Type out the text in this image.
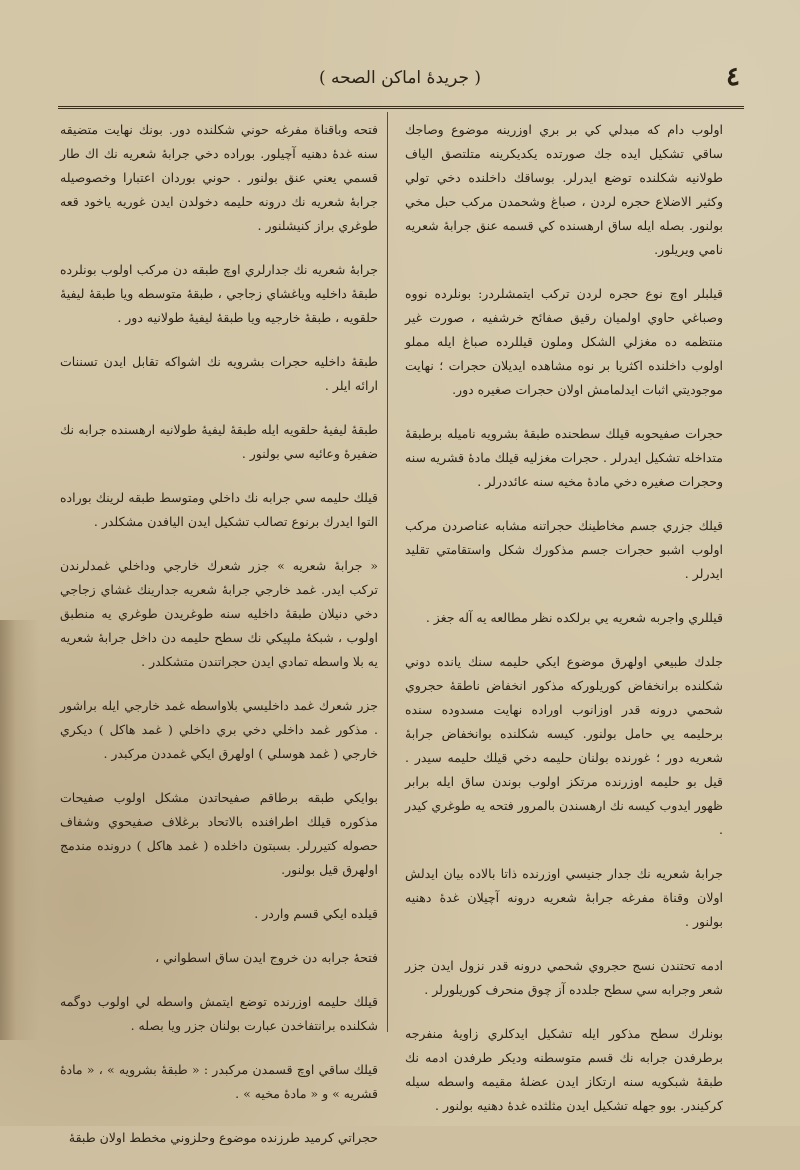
٤
( جريدهٔ اماكن الصحه )

اولوب دام كه مبدلي كي بر بري اوزرينه موضوع وصاجك ساقي تشكيل ايده جك صورتده يكديكرينه متلتصق الياف طولانيه شكلنده توضع ايدرلر. بوساقك داخلنده دخي تولي وكثير الاضلاع حجره لردن ، صباغ وشحمدن مركب حبل مخي بولنور. بصله ايله ساق ارهسنده كي قسمه عنق جرابهٔ شعريه نامي ويريلور.

قيلبلر اوچ نوع حجره لردن تركب ايتمشلردر: بونلرده نووه وصباغي حاوي اولميان رقيق صفائح خرشفيه ، صورت غير منتظمه ده مغزلي الشكل وملون قيللرده صباغ ايله مملو اولوب داخلنده اكثريا بر نوه مشاهده ايديلان حجرات ؛ نهايت موجوديتي اثبات ايدلمامش اولان حجرات صغيره دور.

حجرات صفيحوبه قيلك سطحنده طبقهٔ بشرويه ناميله برطبقهٔ متداخله تشكيل ايدرلر . حجرات مغزليه قيلك مادهٔ قشريه سنه وحجرات صغيره دخي مادهٔ مخيه سنه عائددرلر .

قيلك جزري جسم مخاطينك حجراتنه مشابه عناصردن مركب اولوب اشبو حجرات جسم مذكورك شكل واستقامتي تقليد ايدرلر .

قيللري واجربه شعريه يي برلكده نظر مطالعه يه آله جغز .

جلدك طبيعي اولهرق موضوع ايكي حليمه سنك يانده دوني شكلنده برانخفاض كوريلوركه مذكور انخفاض ناطقهٔ حجروي شحمي درونه قدر اوزانوب اوراده نهايت مسدوده سنده برحليمه يي حامل بولنور. كيسه شكلنده بوانخفاض جرابهٔ شعريه دور ؛ غورنده بولنان حليمه دخي قيلك حليمه سيدر . قيل بو حليمه اوزرنده مرتكز اولوب بوندن ساق ايله برابر ظهور ايدوب كيسه نك ارهسندن بالمرور فتحه يه طوغري كيدر .

جرابهٔ شعريه نك جدار جنيسي اوزرنده ذاتا بالاده بيان ايدلش اولان وقناة مفرغه جرابهٔ شعريه درونه آچيلان غدهٔ دهنيه بولنور .

ادمه تحتندن نسج حجروي شحمي درونه قدر نزول ايدن جزر شعر وجرابه سي سطح جلدده آز چوق منحرف كوريلورلر .

بونلرك سطح مذكور ايله تشكيل ايدكلري زاويهٔ منفرجه برطرفدن جرابه نك قسم متوسطنه وديكر طرفدن ادمه نك طبقهٔ شبكويه سنه ارتكاز ايدن عضلهٔ مقيمه واسطه سيله كركيندر. بوو جهله تشكيل ايدن مثلثده غدهٔ دهنيه بولنور .

فتحه وباقناة مفرغه حوني شكلنده دور. بونك نهايت متضيقه سنه غدهٔ دهنيه آچيلور. بوراده دخي جرابهٔ شعريه نك اك طار قسمي يعني عنق بولنور . حوني بوردان اعتبارا وخصوصيله جرابهٔ شعريه نك درونه حليمه دخولدن ايدن غوريه ياخود قعه طوغري براز كنيشلنور .

جرابهٔ شعريه نك جدارلري اوچ طبقه دن مركب اولوب بونلرده طبقهٔ داخليه وياغشاي زجاجي ، طبقهٔ متوسطه ويا طبقهٔ ليفيهٔ حلقويه ، طبقهٔ خارجيه ويا طبقهٔ ليفيهٔ طولانيه دور .

طبقهٔ داخليه حجرات بشرويه نك اشواكه تقابل ايدن تسننات ارائه ايلر .

طبقهٔ ليفيهٔ حلقويه ايله طبقهٔ ليفيهٔ طولانيه ارهسنده جرابه نك ضفيرهٔ وعائيه سي بولنور .

قيلك حليمه سي جرابه نك داخلي ومتوسط طبقه لرينك بوراده التوا ايدرك برنوع تصالب تشكيل ايدن اليافدن مشكلدر .

« جرابهٔ شعريه » جزر شعرك خارجي وداخلي غمدلرندن تركب ايدر. غمد خارجي جرابهٔ شعريه جدارينك غشاي زجاجي دخي دنيلان طبقهٔ داخليه سنه طوغريدن طوغري يه منطبق اولوب ، شبكهٔ ملپيكي نك سطح حليمه دن داخل جرابهٔ شعريه يه بلا واسطه تمادي ايدن حجراتندن متشكلدر .

جزر شعرك غمد داخليسي بلاواسطه غمد خارجي ايله براشور . مذكور غمد داخلي دخي بري داخلي ( غمد هاكل ) ديكري خارجي ( غمد هوسلي ) اولهرق ايكي غمددن مركبدر .

بوايكي طبقه برطاقم صفيحاتدن مشكل اولوب صفيحات مذكوره قيلك اطرافنده بالاتحاد برغلاف صفيحوي وشفاف حصوله كتيررلر. بسبتون داخلده ( غمد هاكل ) درونده مندمج اولهرق قيل بولنور.

قيلده ايكي قسم واردر .

فتحهٔ جرابه دن خروج ايدن ساق اسطواني ،

قيلك حليمه اوزرنده توضع ايتمش واسطه لي اولوب دوگمه شكلنده برانتفاخدن عبارت بولنان جزر ويا بصله .

قيلك ساقي اوچ قسمدن مركبدر : « طبقهٔ بشرويه » ، « مادهٔ قشريه » و « مادهٔ مخيه » .

حجراتي كرميد طرزنده موضوع وحلزوني مخطط اولان طبقهٔ
